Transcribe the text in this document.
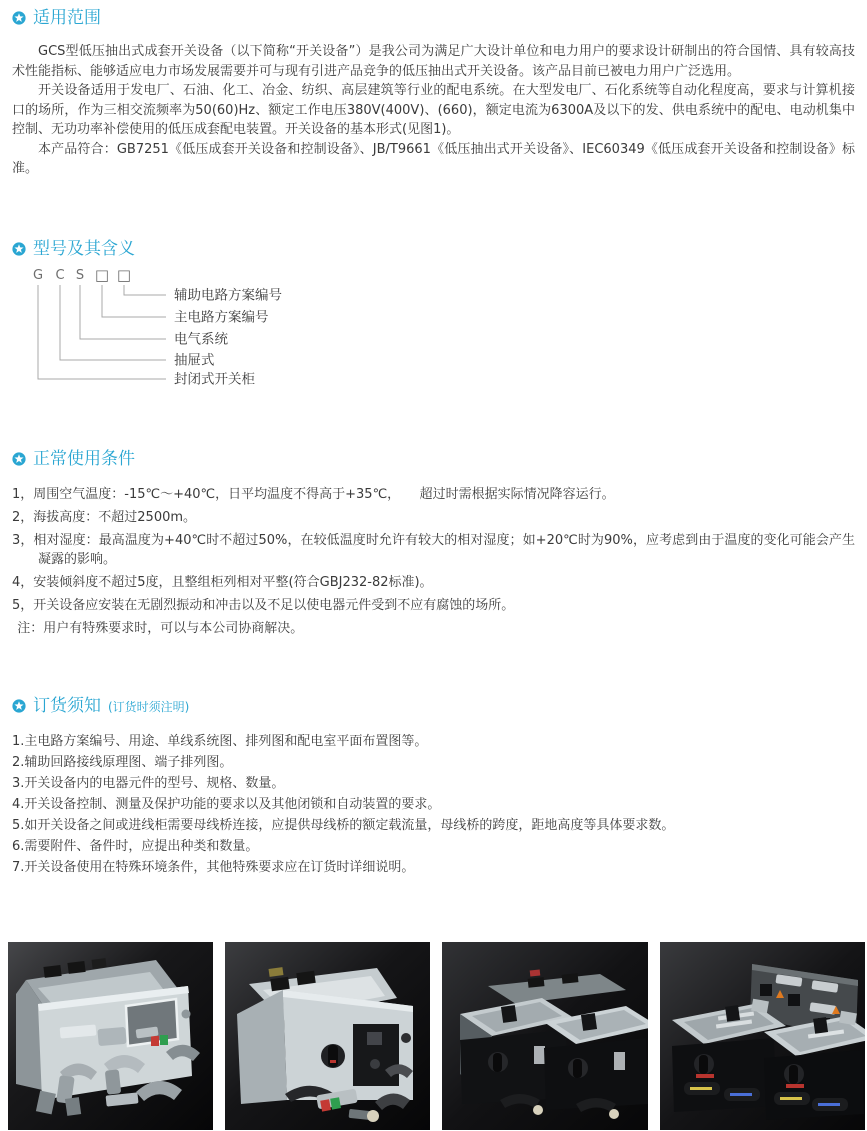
适用范围

GCS型低压抽出式成套开关设备（以下简称“开关设备”）是我公司为满足广大设计单位和电力用户的要求设计研制出的符合国情、具有较高技术性能指标、能够适应电力市场发展需要并可与现有引进产品竞争的低压抽出式开关设备。该产品目前已被电力用户广泛选用。

开关设备适用于发电厂、石油、化工、冶金、纺织、高层建筑等行业的配电系统。在大型发电厂、石化系统等自动化程度高，要求与计算机接口的场所，作为三相交流频率为50(60)Hz、额定工作电压380V(400V)、(660)，额定电流为6300A及以下的发、供电系统中的配电、电动机集中控制、无功功率补偿使用的低压成套配电装置。开关设备的基本形式(见图1)。

本产品符合：GB7251《低压成套开关设备和控制设备》、JB/T9661《低压抽出式开关设备》、IEC60349《低压成套开关设备和控制设备》标准。

型号及其含义
G C S □ □
辅助电路方案编号
主电路方案编号
电气系统
抽屉式
封闭式开关柜
正常使用条件

1，周围空气温度：-15℃～+40℃，日平均温度不得高于+35℃，　　超过时需根据实际情况降容运行。

2，海拔高度：不超过2500m。

3，相对湿度：最高温度为+40℃时不超过50%，在较低温度时允许有较大的相对湿度；如+20℃时为90%，应考虑到由于温度的变化可能会产生凝露的影响。

4，安装倾斜度不超过5度，且整组柜列相对平整(符合GBJ232-82标准)。

5，开关设备应安装在无剧烈振动和冲击以及不足以使电器元件受到不应有腐蚀的场所。

注：用户有特殊要求时，可以与本公司协商解决。

订货须知 (订货时须注明)

1.主电路方案编号、用途、单线系统图、排列图和配电室平面布置图等。

2.辅助回路接线原理图、端子排列图。

3.开关设备内的电器元件的型号、规格、数量。

4.开关设备控制、测量及保护功能的要求以及其他闭锁和自动装置的要求。

5.如开关设备之间或进线柜需要母线桥连接，应提供母线桥的额定载流量，母线桥的跨度，距地高度等具体要求数。

6.需要附件、备件时，应提出种类和数量。

7.开关设备使用在特殊环境条件，其他特殊要求应在订货时详细说明。
